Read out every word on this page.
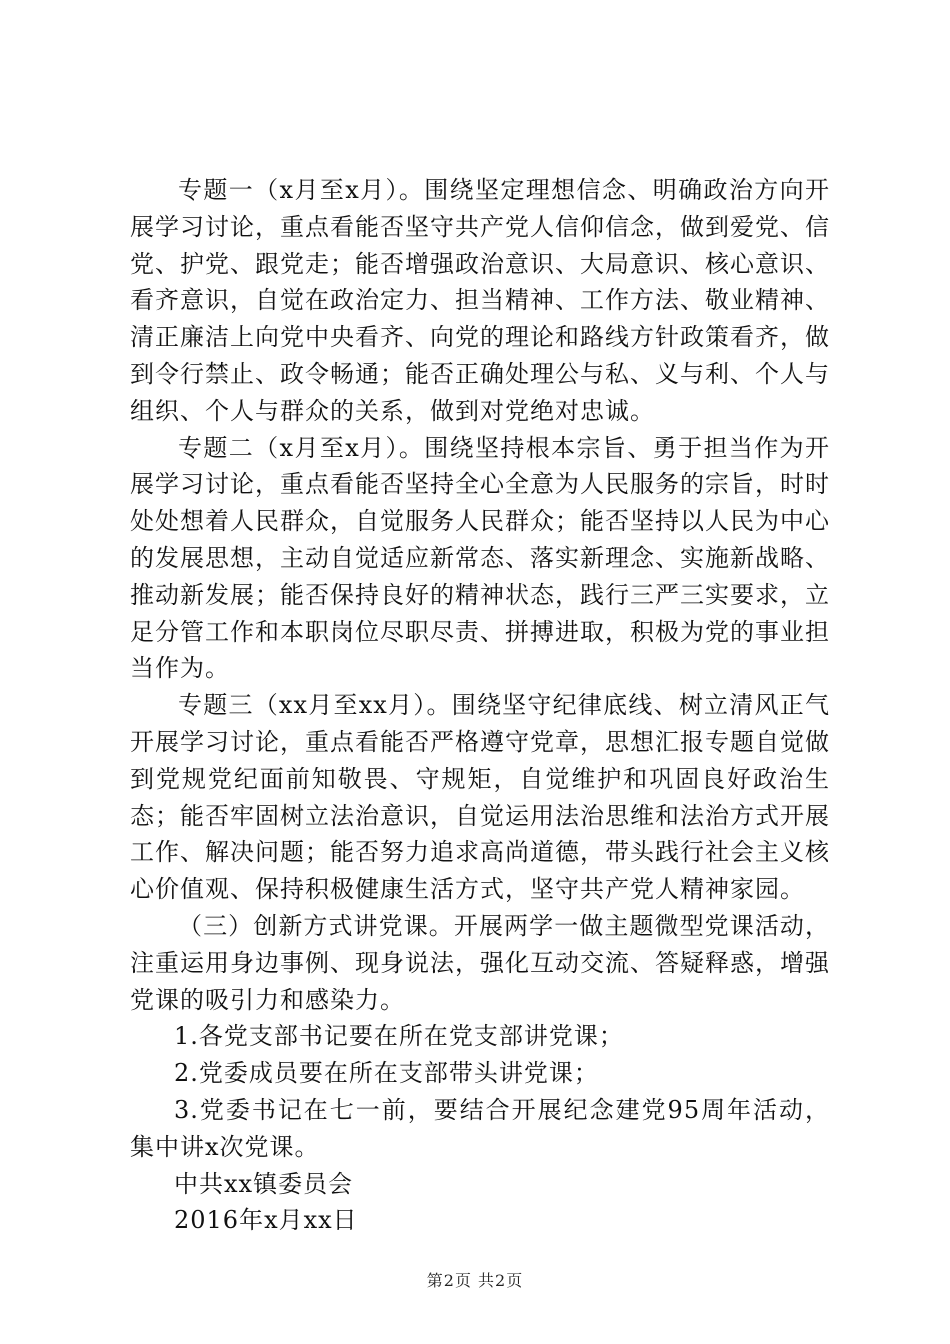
专题一（x月至x月）。围绕坚定理想信念、明确政治方向开展学习讨论，重点看能否坚守共产党人信仰信念，做到爱党、信党、护党、跟党走；能否增强政治意识、大局意识、核心意识、看齐意识，自觉在政治定力、担当精神、工作方法、敬业精神、清正廉洁上向党中央看齐、向党的理论和路线方针政策看齐，做到令行禁止、政令畅通；能否正确处理公与私、义与利、个人与组织、个人与群众的关系，做到对党绝对忠诚。

专题二（x月至x月）。围绕坚持根本宗旨、勇于担当作为开展学习讨论，重点看能否坚持全心全意为人民服务的宗旨，时时处处想着人民群众，自觉服务人民群众；能否坚持以人民为中心的发展思想，主动自觉适应新常态、落实新理念、实施新战略、推动新发展；能否保持良好的精神状态，践行三严三实要求，立足分管工作和本职岗位尽职尽责、拼搏进取，积极为党的事业担当作为。

专题三（xx月至xx月）。围绕坚守纪律底线、树立清风正气开展学习讨论，重点看能否严格遵守党章，思想汇报专题自觉做到党规党纪面前知敬畏、守规矩，自觉维护和巩固良好政治生态；能否牢固树立法治意识，自觉运用法治思维和法治方式开展工作、解决问题；能否努力追求高尚道德，带头践行社会主义核心价值观、保持积极健康生活方式，坚守共产党人精神家园。

（三）创新方式讲党课。开展两学一做主题微型党课活动，注重运用身边事例、现身说法，强化互动交流、答疑释惑，增强党课的吸引力和感染力。

1.各党支部书记要在所在党支部讲党课；

2.党委成员要在所在支部带头讲党课；

3.党委书记在七一前，要结合开展纪念建党95周年活动，集中讲x次党课。

中共xx镇委员会

2016年x月xx日

第2页 共2页
